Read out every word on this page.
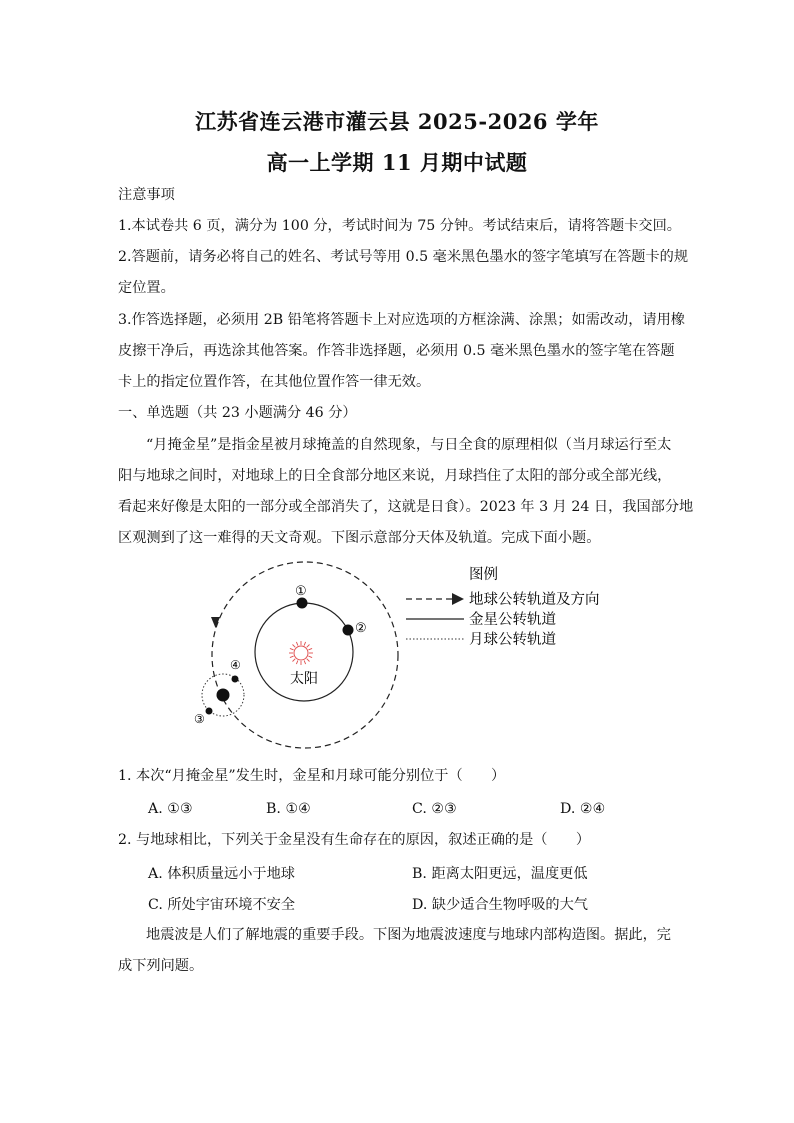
江苏省连云港市灌云县 2025-2026 学年
高一上学期 11 月期中试题
注意事项
1.本试卷共 6 页，满分为 100 分，考试时间为 75 分钟。考试结束后，请将答题卡交回。
2.答题前，请务必将自己的姓名、考试号等用 0.5 毫米黑色墨水的签字笔填写在答题卡的规
定位置。
3.作答选择题，必须用 2B 铅笔将答题卡上对应选项的方框涂满、涂黑；如需改动，请用橡
皮擦干净后，再选涂其他答案。作答非选择题，必须用 0.5 毫米黑色墨水的签字笔在答题
卡上的指定位置作答，在其他位置作答一律无效。
一、单选题（共 23 小题满分 46 分）
“月掩金星”是指金星被月球掩盖的自然现象，与日全食的原理相似（当月球运行至太
阳与地球之间时，对地球上的日全食部分地区来说，月球挡住了太阳的部分或全部光线，
看起来好像是太阳的一部分或全部消失了，这就是日食）。2023 年 3 月 24 日，我国部分地
区观测到了这一难得的天文奇观。下图示意部分天体及轨道。完成下面小题。
太阳
①
②
④
③
图例
地球公转轨道及方向
金星公转轨道
月球公转轨道
1. 本次“月掩金星”发生时，金星和月球可能分别位于（　　）
A. ①③	B. ①④	C. ②③	D. ②④
2. 与地球相比，下列关于金星没有生命存在的原因，叙述正确的是（　　）
A. 体积质量远小于地球	B. 距离太阳更远，温度更低
C. 所处宇宙环境不安全	D. 缺少适合生物呼吸的大气
地震波是人们了解地震的重要手段。下图为地震波速度与地球内部构造图。据此，完
成下列问题。
